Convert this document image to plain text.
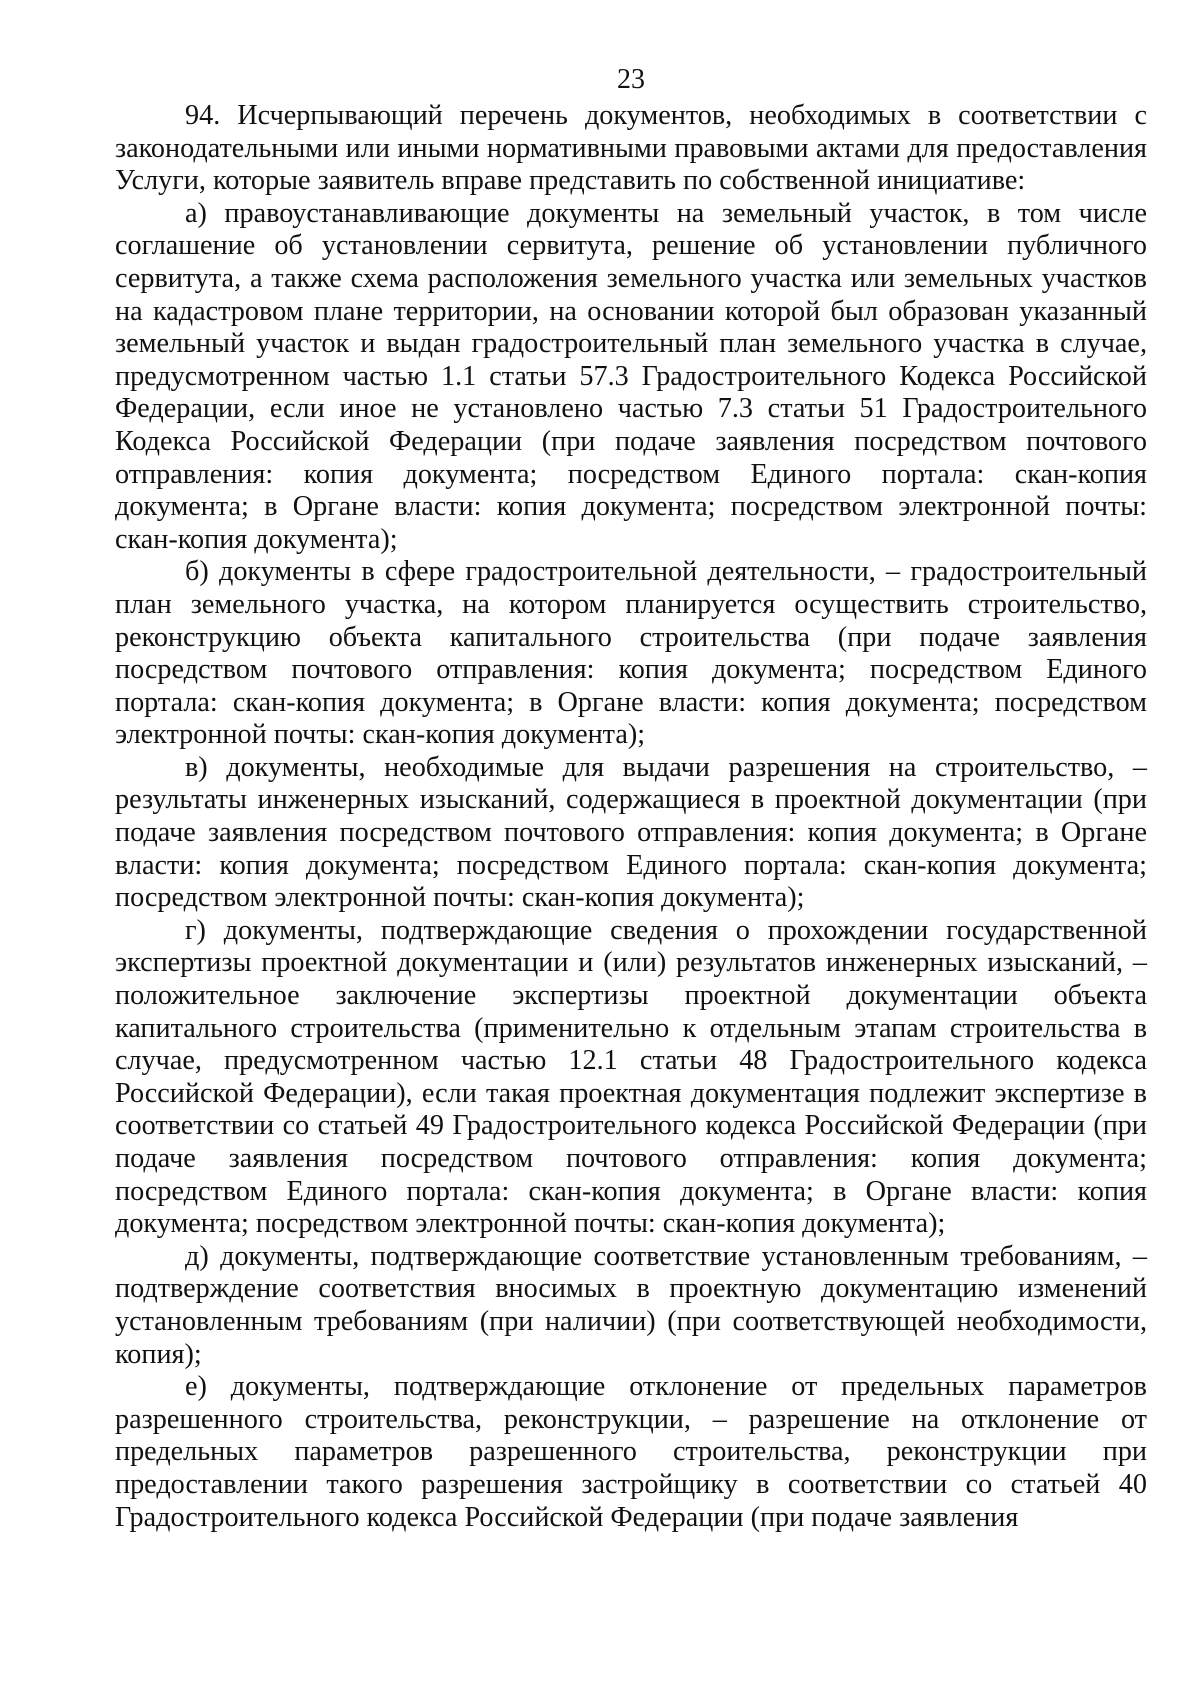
23

94. Исчерпывающий перечень документов, необходимых в соответствии с законодательными или иными нормативными правовыми актами для предоставления Услуги, которые заявитель вправе представить по собственной инициативе:

а) правоустанавливающие документы на земельный участок, в том числе соглашение об установлении сервитута, решение об установлении публичного сервитута, а также схема расположения земельного участка или земельных участков на кадастровом плане территории, на основании которой был образован указанный земельный участок и выдан градостроительный план земельного участка в случае, предусмотренном частью 1.1 статьи 57.3 Градостроительного Кодекса Российской Федерации, если иное не установлено частью 7.3 статьи 51 Градостроительного Кодекса Российской Федерации (при подаче заявления посредством почтового отправления: копия документа; посредством Единого портала: скан-копия документа; в Органе власти: копия документа; посредством электронной почты: скан-копия документа);

б) документы в сфере градостроительной деятельности, – градостроительный план земельного участка, на котором планируется осуществить строительство, реконструкцию объекта капитального строительства (при подаче заявления посредством почтового отправления: копия документа; посредством Единого портала: скан-копия документа; в Органе власти: копия документа; посредством электронной почты: скан-копия документа);

в) документы, необходимые для выдачи разрешения на строительство, – результаты инженерных изысканий, содержащиеся в проектной документации (при подаче заявления посредством почтового отправления: копия документа; в Органе власти: копия документа; посредством Единого портала: скан-копия документа; посредством электронной почты: скан-копия документа);

г) документы, подтверждающие сведения о прохождении государственной экспертизы проектной документации и (или) результатов инженерных изысканий, – положительное заключение экспертизы проектной документации объекта капитального строительства (применительно к отдельным этапам строительства в случае, предусмотренном частью 12.1 статьи 48 Градостроительного кодекса Российской Федерации), если такая проектная документация подлежит экспертизе в соответствии со статьей 49 Градостроительного кодекса Российской Федерации (при подаче заявления посредством почтового отправления: копия документа; посредством Единого портала: скан-копия документа; в Органе власти: копия документа; посредством электронной почты: скан-копия документа);

д) документы, подтверждающие соответствие установленным требованиям, – подтверждение соответствия вносимых в проектную документацию изменений установленным требованиям (при наличии) (при соответствующей необходимости, копия);

е) документы, подтверждающие отклонение от предельных параметров разрешенного строительства, реконструкции, – разрешение на отклонение от предельных параметров разрешенного строительства, реконструкции при предоставлении такого разрешения застройщику в соответствии со статьей 40 Градостроительного кодекса Российской Федерации (при подаче заявления
